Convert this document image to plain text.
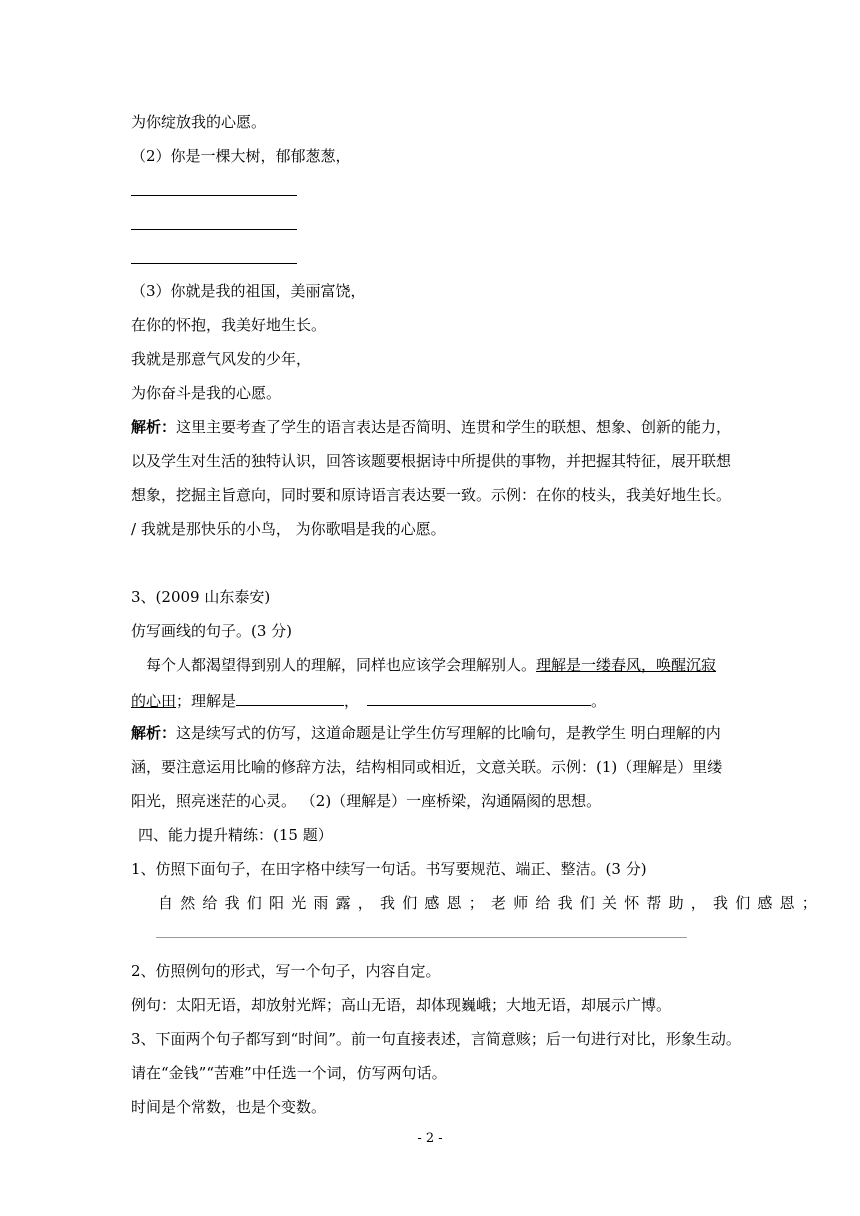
为你绽放我的心愿。
（2）你是一棵大树，郁郁葱葱，
（3）你就是我的祖国，美丽富饶，
在你的怀抱，我美好地生长。
我就是那意气风发的少年，
为你奋斗是我的心愿。
解析：这里主要考查了学生的语言表达是否简明、连贯和学生的联想、想象、创新的能力，
以及学生对生活的独特认识，回答该题要根据诗中所提供的事物，并把握其特征，展开联想
想象，挖掘主旨意向，同时要和原诗语言表达要一致。示例：在你的枝头，我美好地生长。
/ 我就是那快乐的小鸟， 为你歌唱是我的心愿。
3、(2009 山东泰安)
仿写画线的句子。(3 分)
每个人都渴望得到别人的理解，同样也应该学会理解别人。理解是一缕春风，唤醒沉寂
的心田；理解是	，	。
解析：这是续写式的仿写，这道命题是让学生仿写理解的比喻句，是教学生 明白理解的内
涵，要注意运用比喻的修辞方法，结构相同或相近，文意关联。示例：(1)（理解是）里缕
阳光，照亮迷茫的心灵。 （2)（理解是）一座桥梁，沟通隔阂的思想。
四、能力提升精练：(15 题）
1、仿照下面句子，在田字格中续写一句话。书写要规范、端正、整洁。(3 分)
自然给我们阳光雨露，我们感恩；老师给我们关怀帮助，我们感恩；
2、仿照例句的形式，写一个句子，内容自定。
例句：太阳无语，却放射光辉；高山无语，却体现巍峨；大地无语，却展示广博。
3、下面两个句子都写到“时间”。前一句直接表述，言简意赅；后一句进行对比，形象生动。
请在“金钱”“苦难”中任选一个词，仿写两句话。
时间是个常数，也是个变数。
- 2 -
